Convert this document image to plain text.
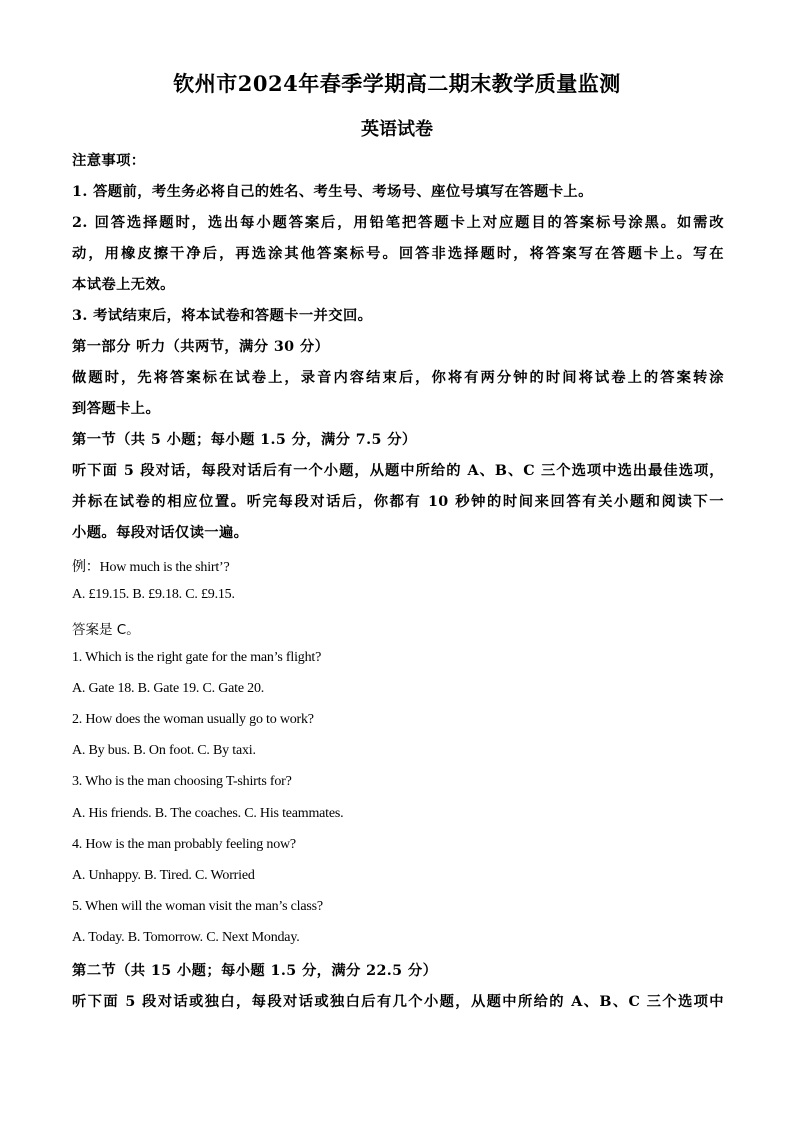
钦州市2024年春季学期高二期末教学质量监测
英语试卷
注意事项：
1. 答题前，考生务必将自己的姓名、考生号、考场号、座位号填写在答题卡上。
2. 回答选择题时，选出每小题答案后，用铅笔把答题卡上对应题目的答案标号涂黑。如需改
动，用橡皮擦干净后，再选涂其他答案标号。回答非选择题时，将答案写在答题卡上。写在
本试卷上无效。
3. 考试结束后，将本试卷和答题卡一并交回。
第一部分 听力（共两节，满分 30 分）
做题时，先将答案标在试卷上，录音内容结束后，你将有两分钟的时间将试卷上的答案转涂
到答题卡上。
第一节（共 5 小题；每小题 1.5 分，满分 7.5 分）
听下面 5 段对话，每段对话后有一个小题，从题中所给的 A、B、C 三个选项中选出最佳选项，
并标在试卷的相应位置。听完每段对话后，你都有 10 秒钟的时间来回答有关小题和阅读下一
小题。每段对话仅读一遍。
例：How much is the shirt’?
A. £19.15. B. £9.18. C. £9.15.
答案是 C。
1. Which is the right gate for the man’s flight?
A. Gate 18. B. Gate 19. C. Gate 20.
2. How does the woman usually go to work?
A. By bus. B. On foot. C. By taxi.
3. Who is the man choosing T-shirts for?
A. His friends. B. The coaches. C. His teammates.
4. How is the man probably feeling now?
A. Unhappy. B. Tired. C. Worried
5. When will the woman visit the man’s class?
A. Today. B. Tomorrow. C. Next Monday.
第二节（共 15 小题；每小题 1.5 分，满分 22.5 分）
听下面 5 段对话或独白，每段对话或独白后有几个小题，从题中所给的 A、B、C 三个选项中
